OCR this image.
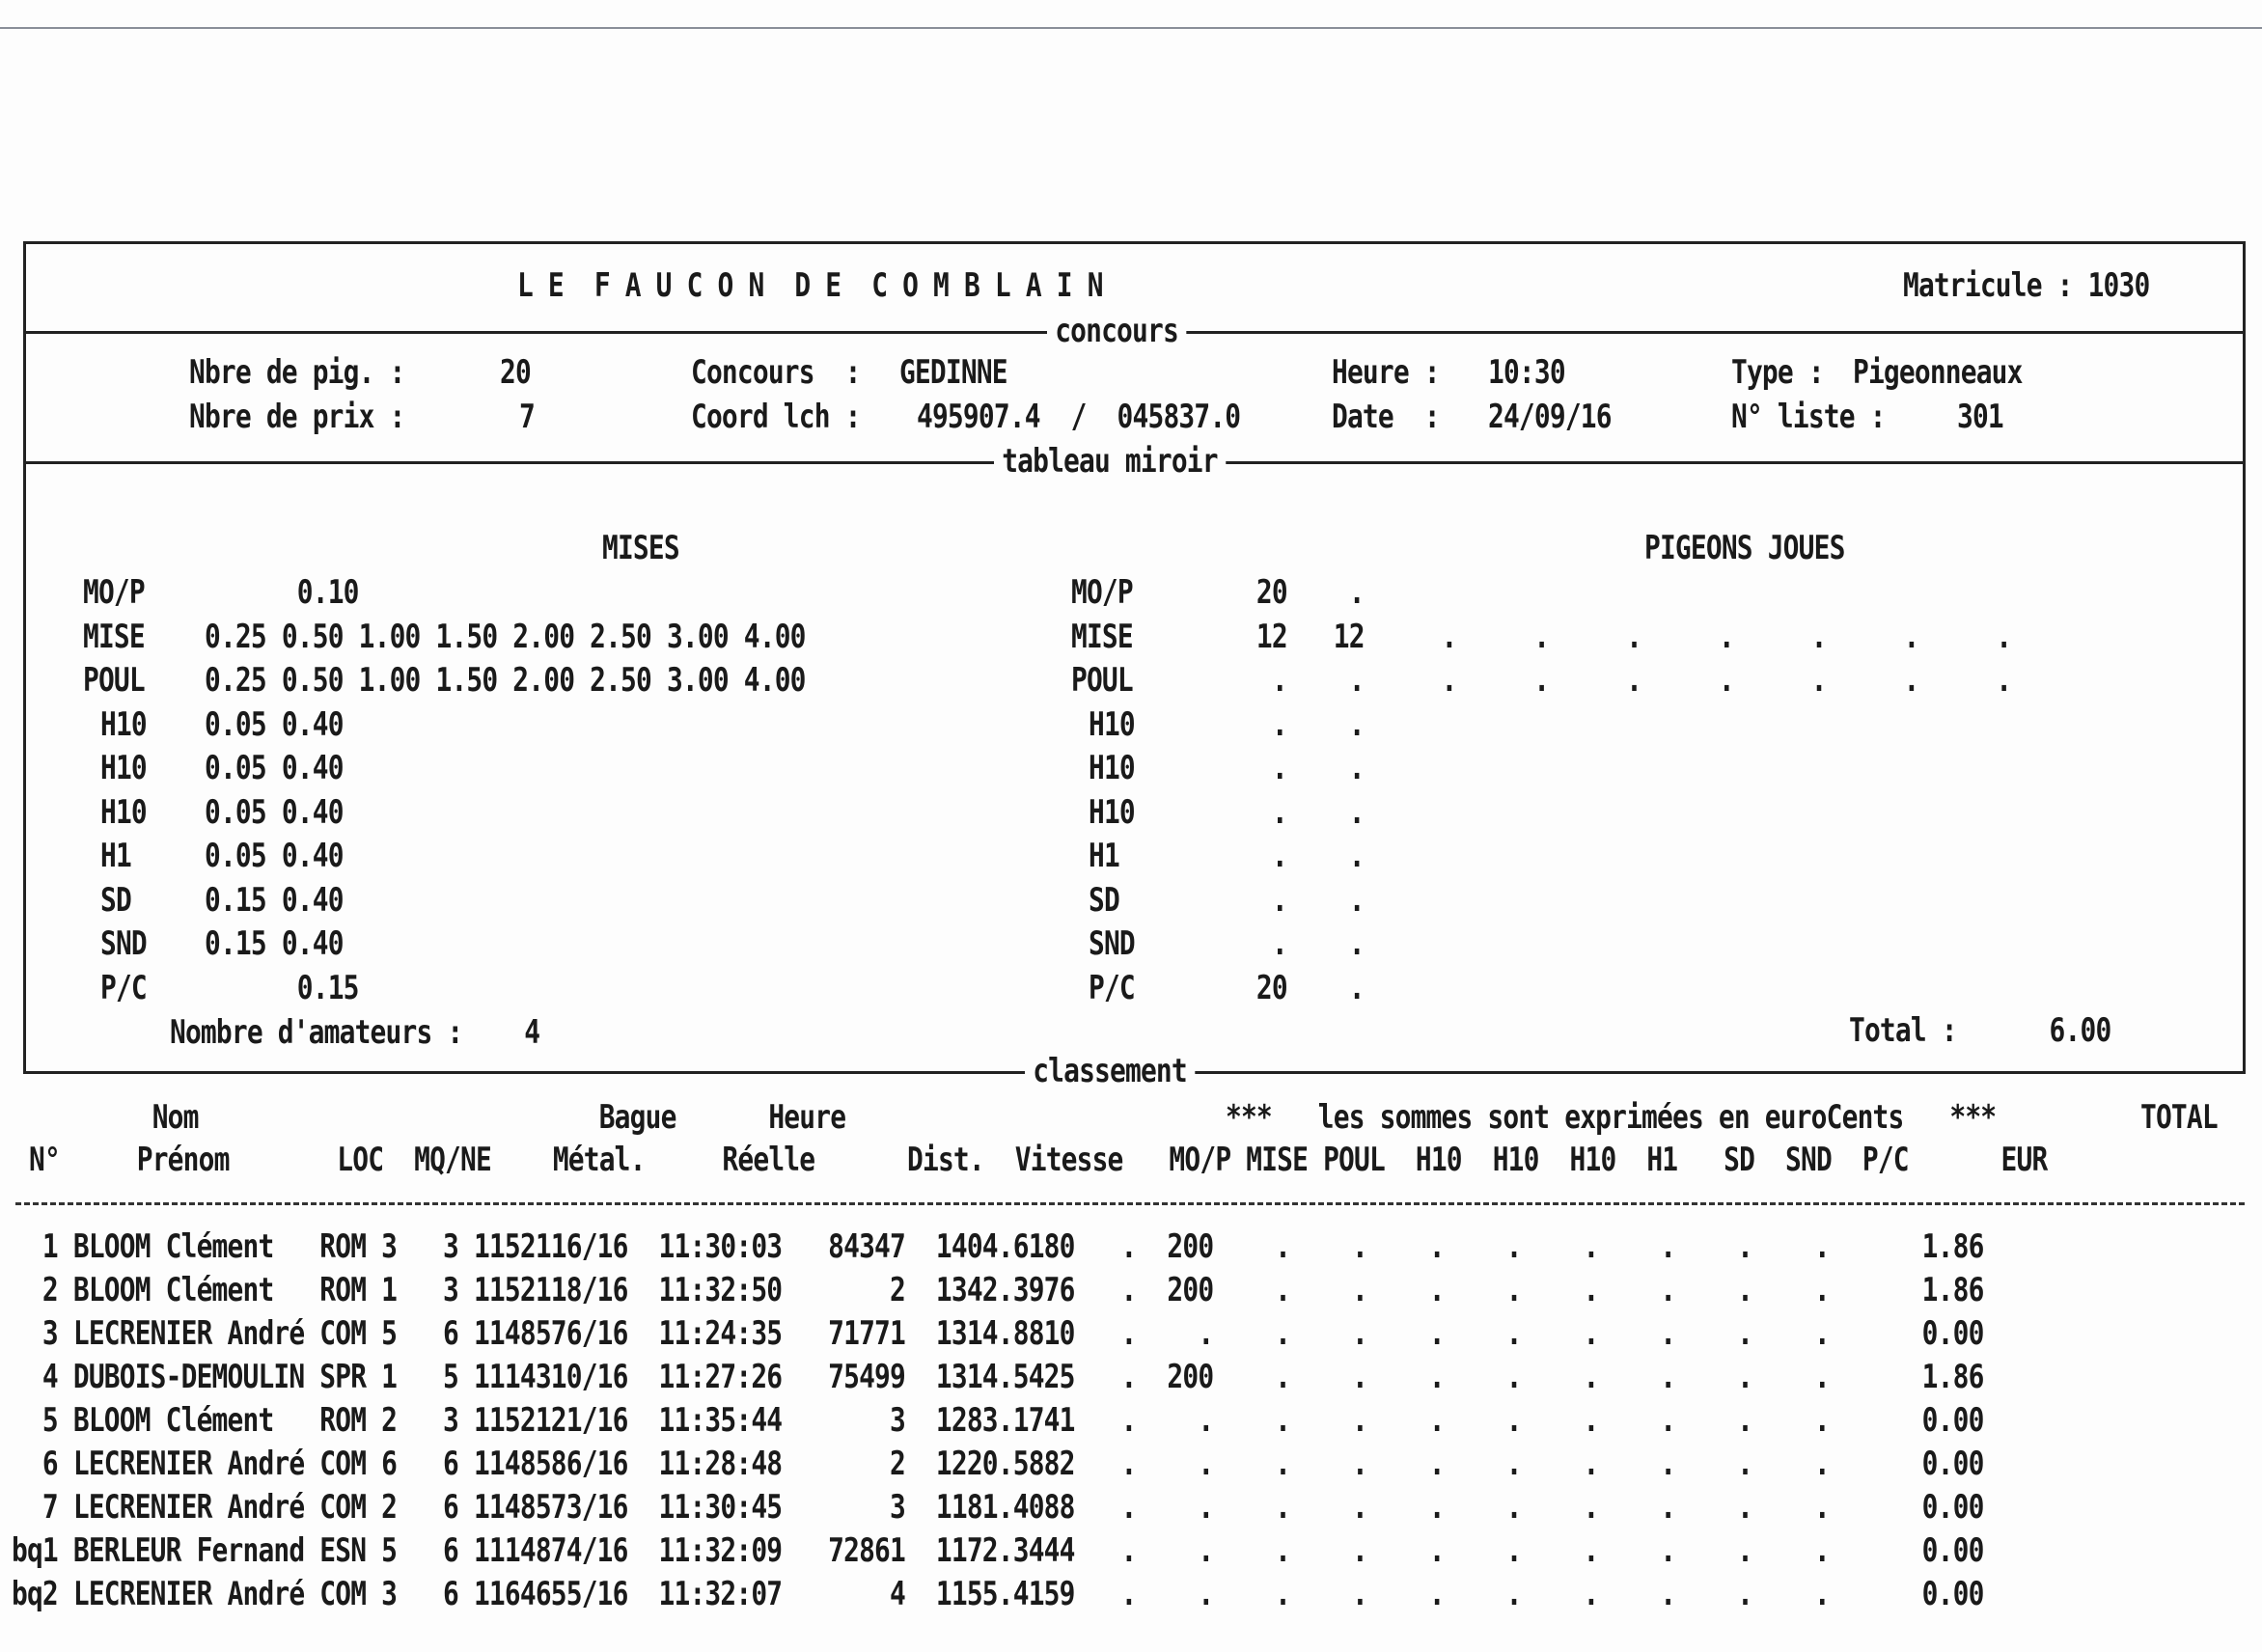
L E  F A U C O N  D E  C O M B L A I N	Matricule : 1030
concours
tableau miroir
classement
Nbre de pig. :	20
Nbre de prix :	7
Concours  : GEDINNE
Coord lch : 495907.4  /  045837.0
Heure : 10:30
Date  : 24/09/16
Type : Pigeonneaux
N° liste : 301
MISES
MO/P 0.10
MISE 0.25 0.50 1.00 1.50 2.00 2.50 3.00 4.00
POUL 0.25 0.50 1.00 1.50 2.00 2.50 3.00 4.00
H10 0.05 0.40
H10 0.05 0.40
H10 0.05 0.40
H1 0.05 0.40
SD 0.15 0.40
SND 0.15 0.40
P/C 0.15
Nombre d'amateurs :    4
PIGEONS JOUES
MO/P	20    .
MISE	12   12     .     .     .     .     .     .     .
POUL	.    .     .     .     .     .     .     .     .
H10	.    .
H10	.    .
H10	.    .
H1	.    .
SD	.    .
SND	.    .
P/C	20    .
Total :      6.00
***   les sommes sont exprimées en euroCents   ***	TOTAL
Nom                          Bague      Heure
N°     Prénom       LOC  MQ/NE    Métal.     Réelle      Dist.  Vitesse   MO/P MISE POUL  H10  H10  H10  H1   SD  SND  P/C      EUR
1 BLOOM Clément   ROM 3   3 1152116/16  11:30:03   84347  1404.6180   .  200    .    .    .    .    .    .    .    .      1.86
2 BLOOM Clément   ROM 1   3 1152118/16  11:32:50       2  1342.3976   .  200    .    .    .    .    .    .    .    .      1.86
3 LECRENIER André COM 5   6 1148576/16  11:24:35   71771  1314.8810   .    .    .    .    .    .    .    .    .    .      0.00
4 DUBOIS-DEMOULIN SPR 1   5 1114310/16  11:27:26   75499  1314.5425   .  200    .    .    .    .    .    .    .    .      1.86
5 BLOOM Clément   ROM 2   3 1152121/16  11:35:44       3  1283.1741   .    .    .    .    .    .    .    .    .    .      0.00
6 LECRENIER André COM 6   6 1148586/16  11:28:48       2  1220.5882   .    .    .    .    .    .    .    .    .    .      0.00
7 LECRENIER André COM 2   6 1148573/16  11:30:45       3  1181.4088   .    .    .    .    .    .    .    .    .    .      0.00
bq1 BERLEUR Fernand ESN 5   6 1114874/16  11:32:09   72861  1172.3444   .    .    .    .    .    .    .    .    .    .      0.00
bq2 LECRENIER André COM 3   6 1164655/16  11:32:07       4  1155.4159   .    .    .    .    .    .    .    .    .    .      0.00
